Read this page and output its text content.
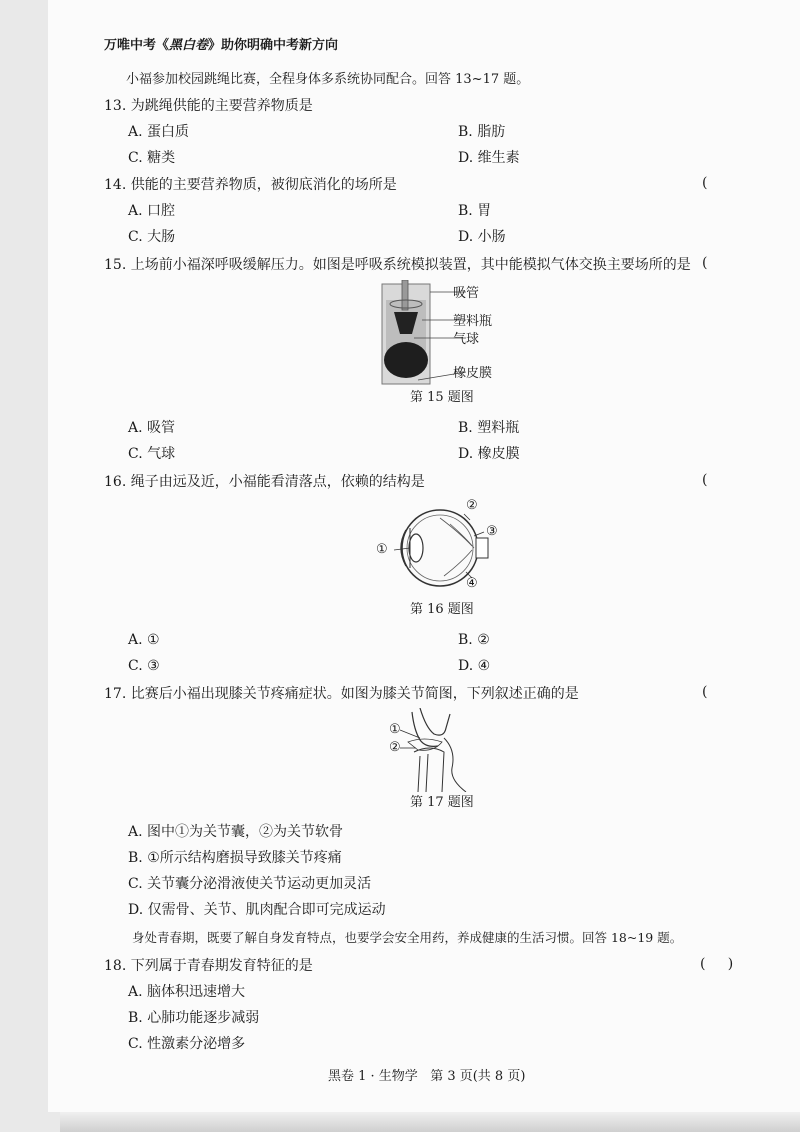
万唯中考《黑白卷》助你明确中考新方向
小福参加校园跳绳比赛，全程身体多系统协同配合。回答 13~17 题。
13. 为跳绳供能的主要营养物质是
A. 蛋白质	B. 脂肪
C. 糖类	D. 维生素
14. 供能的主要营养物质，被彻底消化的场所是	(
A. 口腔	B. 胃
C. 大肠	D. 小肠
15. 上场前小福深呼吸缓解压力。如图是呼吸系统模拟装置，其中能模拟气体交换主要场所的是 (
吸管
塑料瓶
气球
橡皮膜
第 15 题图
A. 吸管	B. 塑料瓶
C. 气球	D. 橡皮膜
16. 绳子由远及近，小福能看清落点，依赖的结构是	(
①
②
③
④
第 16 题图
A. ①	B. ②
C. ③	D. ④
17. 比赛后小福出现膝关节疼痛症状。如图为膝关节简图，下列叙述正确的是	(
①
②
第 17 题图
A. 图中①为关节囊，②为关节软骨
B. ①所示结构磨损导致膝关节疼痛
C. 关节囊分泌滑液使关节运动更加灵活
D. 仅需骨、关节、肌肉配合即可完成运动
身处青春期，既要了解自身发育特点，也要学会安全用药，养成健康的生活习惯。回答 18~19 题。
18. 下列属于青春期发育特征的是	(     )
A. 脑体积迅速增大
B. 心肺功能逐步减弱
C. 性激素分泌增多
黑卷 1 · 生物学   第 3 页(共 8 页)
